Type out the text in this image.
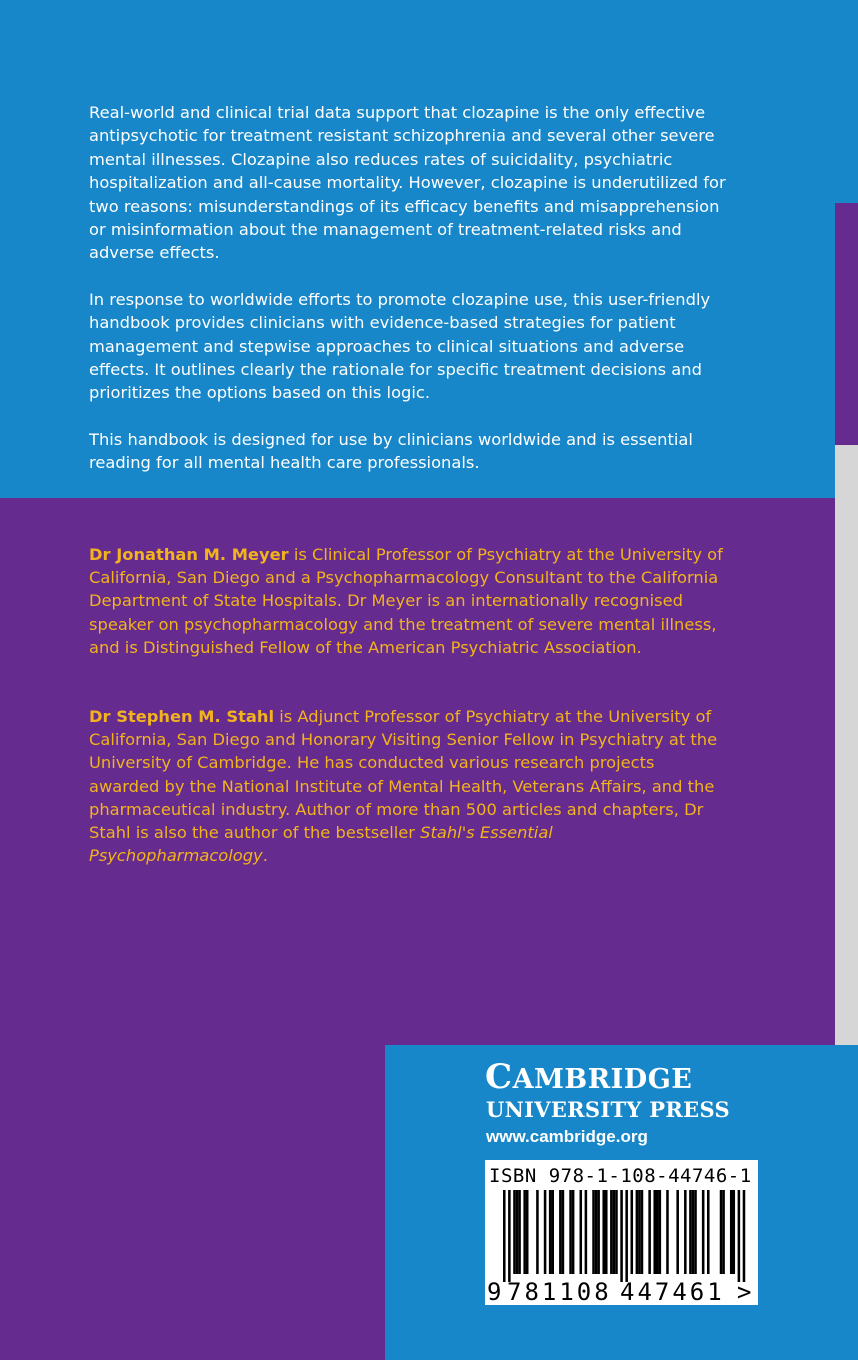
Real-world and clinical trial data support that clozapine is the only effective antipsychotic for treatment resistant schizophrenia and several other severe mental illnesses. Clozapine also reduces rates of suicidality, psychiatric hospitalization and all-cause mortality. However, clozapine is underutilized for two reasons: misunderstandings of its efficacy benefits and misapprehension or misinformation about the management of treatment-related risks and adverse effects.

In response to worldwide efforts to promote clozapine use, this user-friendly handbook provides clinicians with evidence-based strategies for patient management and stepwise approaches to clinical situations and adverse effects. It outlines clearly the rationale for specific treatment decisions and prioritizes the options based on this logic.

This handbook is designed for use by clinicians worldwide and is essential reading for all mental health care professionals.

Dr Jonathan M. Meyer is Clinical Professor of Psychiatry at the University of California, San Diego and a Psychopharmacology Consultant to the California Department of State Hospitals. Dr Meyer is an internationally recognised speaker on psychopharmacology and the treatment of severe mental illness, and is Distinguished Fellow of the American Psychiatric Association.

Dr Stephen M. Stahl is Adjunct Professor of Psychiatry at the University of California, San Diego and Honorary Visiting Senior Fellow in Psychiatry at the University of Cambridge. He has conducted various research projects awarded by the National Institute of Mental Health, Veterans Affairs, and the pharmaceutical industry. Author of more than 500 articles and chapters, Dr Stahl is also the author of the bestseller Stahl's Essential Psychopharmacology.

CAMBRIDGE
UNIVERSITY PRESS
www.cambridge.org
ISBN 978-1-108-44746-1
9 781108 447461 >
